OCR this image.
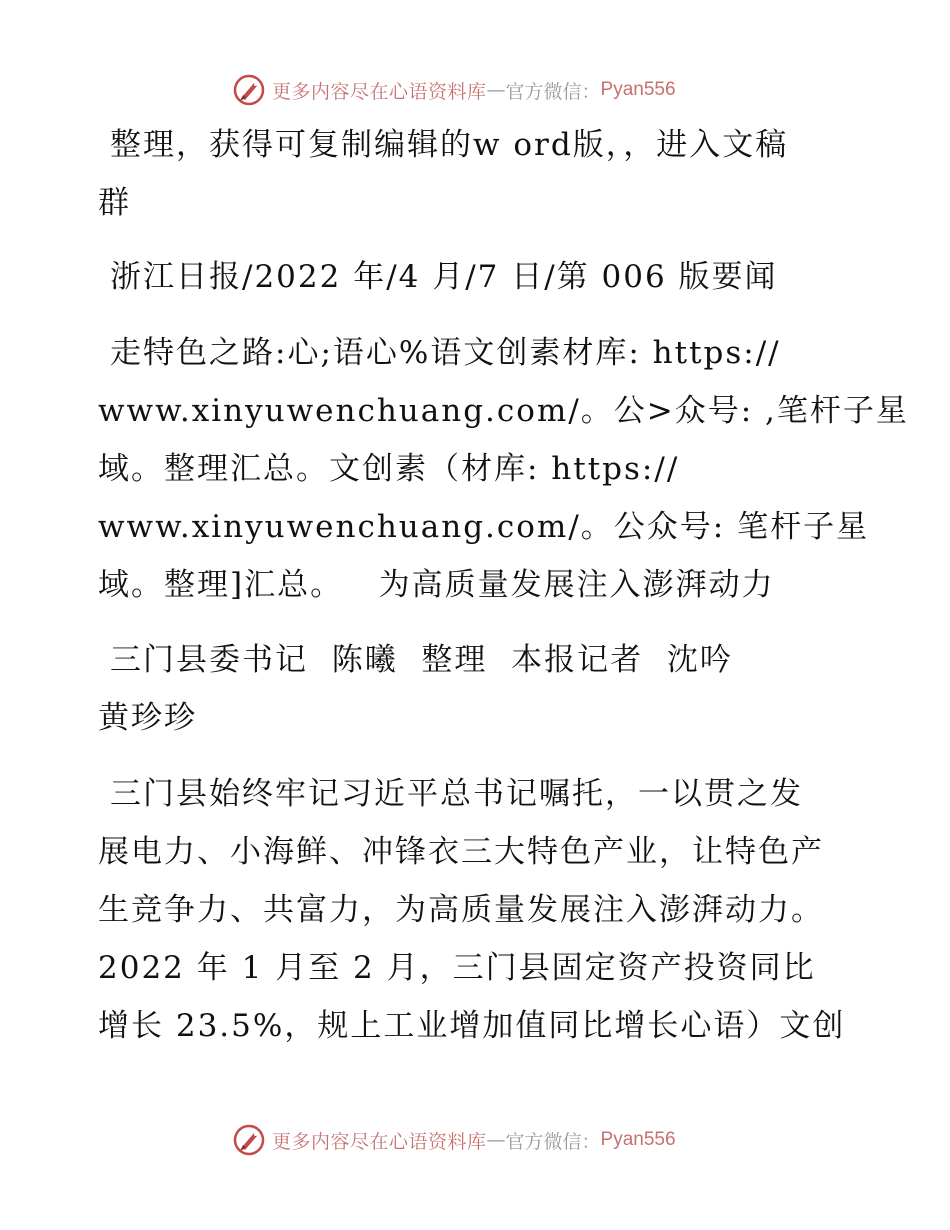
更多内容尽在心语资料库 — 官方微信： Pyan556
整理，获得可复制编辑的w ord版，，进入文稿
群
浙江日报/2022 年/4 月/7 日/第 006 版要闻
走特色之路:心;语心%语文创素材库: https://
www.xinyuwenchuang.com/。公>众号: ,笔杆子星
域。整理汇总。文创素（材库: https://
www.xinyuwenchuang.com/。公众号: 笔杆子星
域。整理]汇总。   为高质量发展注入澎湃动力
三门县委书记  陈曦  整理  本报记者  沈吟
黄珍珍
三门县始终牢记习近平总书记嘱托，一以贯之发
展电力、小海鲜、冲锋衣三大特色产业，让特色产
生竞争力、共富力，为高质量发展注入澎湃动力。
2022 年 1 月至 2 月，三门县固定资产投资同比
增长 23.5%，规上工业增加值同比增长心语）文创
更多内容尽在心语资料库 — 官方微信： Pyan556
